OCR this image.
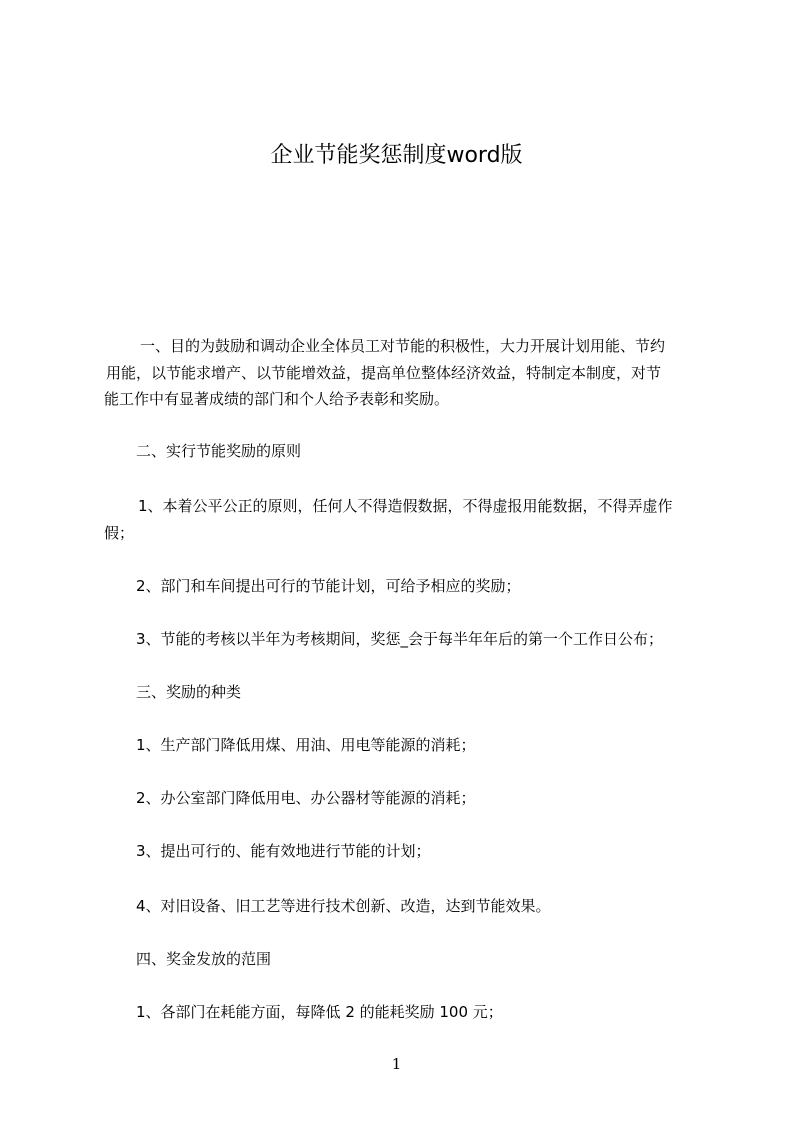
企业节能奖惩制度word版
一、目的为鼓励和调动企业全体员工对节能的积极性，大力开展计划用能、节约
用能，以节能求增产、以节能增效益，提高单位整体经济效益，特制定本制度，对节
能工作中有显著成绩的部门和个人给予表彰和奖励。
二、实行节能奖励的原则
1、本着公平公正的原则，任何人不得造假数据，不得虚报用能数据，不得弄虚作
假；
2、部门和车间提出可行的节能计划，可给予相应的奖励；
3、节能的考核以半年为考核期间，奖惩_会于每半年年后的第一个工作日公布；
三、奖励的种类
1、生产部门降低用煤、用油、用电等能源的消耗；
2、办公室部门降低用电、办公器材等能源的消耗；
3、提出可行的、能有效地进行节能的计划；
4、对旧设备、旧工艺等进行技术创新、改造，达到节能效果。
四、奖金发放的范围
1、各部门在耗能方面，每降低 2 的能耗奖励 100 元；
1
